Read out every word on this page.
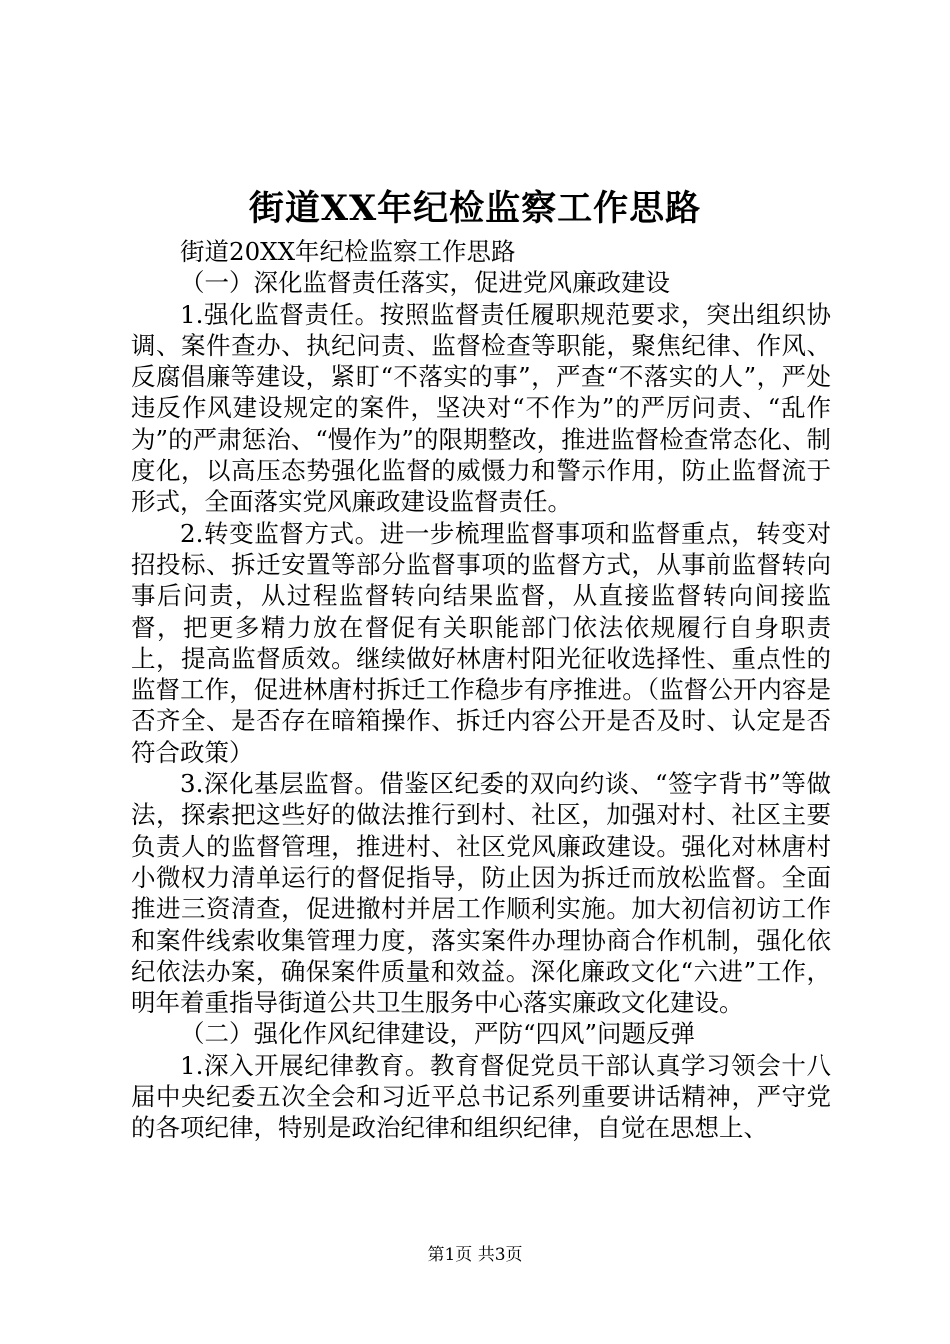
街道XX年纪检监察工作思路

街道20XX年纪检监察工作思路

（一）深化监督责任落实，促进党风廉政建设

1.强化监督责任。按照监督责任履职规范要求，突出组织协调、案件查办、执纪问责、监督检查等职能，聚焦纪律、作风、反腐倡廉等建设，紧盯“不落实的事”，严查“不落实的人”，严处违反作风建设规定的案件，坚决对“不作为”的严厉问责、“乱作为”的严肃惩治、“慢作为”的限期整改，推进监督检查常态化、制度化，以高压态势强化监督的威慑力和警示作用，防止监督流于形式，全面落实党风廉政建设监督责任。

2.转变监督方式。进一步梳理监督事项和监督重点，转变对招投标、拆迁安置等部分监督事项的监督方式，从事前监督转向事后问责，从过程监督转向结果监督，从直接监督转向间接监督，把更多精力放在督促有关职能部门依法依规履行自身职责上，提高监督质效。继续做好林唐村阳光征收选择性、重点性的监督工作，促进林唐村拆迁工作稳步有序推进。（监督公开内容是否齐全、是否存在暗箱操作、拆迁内容公开是否及时、认定是否符合政策）

3.深化基层监督。借鉴区纪委的双向约谈、“签字背书”等做法，探索把这些好的做法推行到村、社区，加强对村、社区主要负责人的监督管理，推进村、社区党风廉政建设。强化对林唐村小微权力清单运行的督促指导，防止因为拆迁而放松监督。全面推进三资清查，促进撤村并居工作顺利实施。加大初信初访工作和案件线索收集管理力度，落实案件办理协商合作机制，强化依纪依法办案，确保案件质量和效益。深化廉政文化“六进”工作，明年着重指导街道公共卫生服务中心落实廉政文化建设。

（二）强化作风纪律建设，严防“四风”问题反弹

1.深入开展纪律教育。教育督促党员干部认真学习领会十八届中央纪委五次全会和习近平总书记系列重要讲话精神，严守党的各项纪律，特别是政治纪律和组织纪律，自觉在思想上、

第1页 共3页
